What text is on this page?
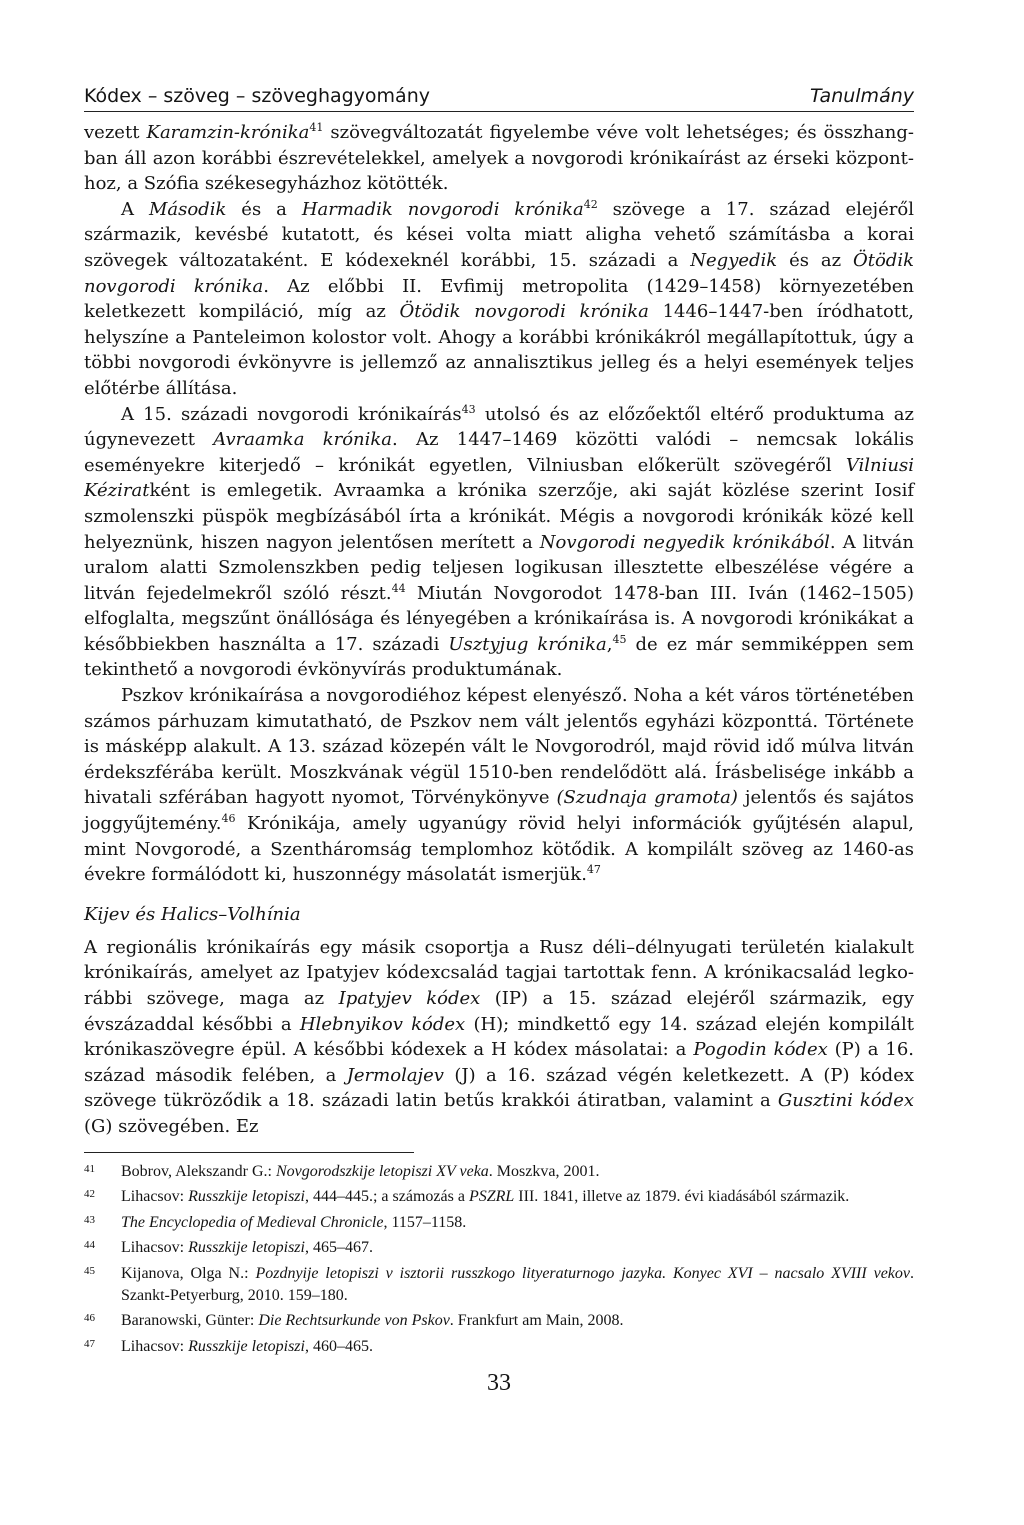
Kódex – szöveg – szöveghagyomány	Tanulmány

vezett Karamzin-krónika$^{41}$ szövegváltozatát figyelembe véve volt lehetséges; és összhangban áll azon korábbi észrevételekkel, amelyek a novgorodi krónikaírást az érseki központhoz, a Szófia székesegyházhoz kötötték.

A Második és a Harmadik novgorodi krónika$^{42}$ szövege a 17. század elejéről származik, kevésbé kutatott, és kései volta miatt aligha vehető számításba a korai szövegek változataként. E kódexeknél korábbi, 15. századi a Negyedik és az Ötödik novgorodi krónika. Az előbbi II. Evfimij metropolita (1429–1458) környezetében keletkezett kompiláció, míg az Ötödik novgorodi krónika 1446–1447-ben íródhatott, helyszíne a Panteleimon kolostor volt. Ahogy a korábbi krónikákról megállapítottuk, úgy a többi novgorodi évkönyvre is jellemző az annalisztikus jelleg és a helyi események teljes előtérbe állítása.

A 15. századi novgorodi krónikaírás$^{43}$ utolsó és az előzőektől eltérő produktuma az úgynevezett Avraamka krónika. Az 1447–1469 közötti valódi – nemcsak lokális eseményekre kiterjedő – krónikát egyetlen, Vilniusban előkerült szövegéről Vilniusi Kéziratként is emlegetik. Avraamka a krónika szerzője, aki saját közlése szerint Iosif szmolenszki püspök megbízásából írta a krónikát. Mégis a novgorodi krónikák közé kell helyeznünk, hiszen nagyon jelentősen merített a Novgorodi negyedik krónikából. A litván uralom alatti Szmolenszkben pedig teljesen logikusan illesztette elbeszélése végére a litván fejedelmekről szóló részt.$^{44}$ Miután Novgorodot 1478-ban III. Iván (1462–1505) elfoglalta, megszűnt önállósága és lényegében a krónikaírása is. A novgorodi krónikákat a későbbiekben használta a 17. századi Usztyjug krónika,$^{45}$ de ez már semmiképpen sem tekinthető a novgorodi évkönyvírás produktumának.

Pszkov krónikaírása a novgorodiéhoz képest elenyésző. Noha a két város történetében számos párhuzam kimutatható, de Pszkov nem vált jelentős egyházi központtá. Története is másképp alakult. A 13. század közepén vált le Novgorodról, majd rövid idő múlva litván érdekszférába került. Moszkvának végül 1510-ben rendelődött alá. Írásbelisége inkább a hivatali szférában hagyott nyomot, Törvénykönyve (Szudnaja gramota) jelentős és sajátos joggyűjtemény.$^{46}$ Krónikája, amely ugyanúgy rövid helyi információk gyűjtésén alapul, mint Novgorodé, a Szentháromság templomhoz kötődik. A kompilált szöveg az 1460-as évekre formálódott ki, huszonnégy másolatát ismerjük.$^{47}$

Kijev és Halics–Volhínia

A regionális krónikaírás egy másik csoportja a Rusz déli–délnyugati területén kialakult krónikaírás, amelyet az Ipatyjev kódexcsalád tagjai tartottak fenn. A krónikacsalád legkorábbi szövege, maga az Ipatyjev kódex (IP) a 15. század elejéről származik, egy évszázaddal későbbi a Hlebnyikov kódex (H); mindkettő egy 14. század elején kompilált krónikaszövegre épül. A későbbi kódexek a H kódex másolatai: a Pogodin kódex (P) a 16. század második felében, a Jermolajev (J) a 16. század végén keletkezett. A (P) kódex szövege tükröződik a 18. századi latin betűs krakkói átiratban, valamint a Gusztini kódex (G) szövegében. Ez

41 Bobrov, Alekszandr G.: Novgorodszkije letopiszi XV veka. Moszkva, 2001.
42 Lihacsov: Russzkije letopiszi, 444–445.; a számozás a PSZRL III. 1841, illetve az 1879. évi kiadásából származik.
43 The Encyclopedia of Medieval Chronicle, 1157–1158.
44 Lihacsov: Russzkije letopiszi, 465–467.
45 Kijanova, Olga N.: Pozdnyije letopiszi v isztorii russzkogo lityeraturnogo jazyka. Konyec XVI – nacsalo XVIII vekov. Szankt-Petyerburg, 2010. 159–180.
46 Baranowski, Günter: Die Rechtsurkunde von Pskov. Frankfurt am Main, 2008.
47 Lihacsov: Russzkije letopiszi, 460–465.
33
